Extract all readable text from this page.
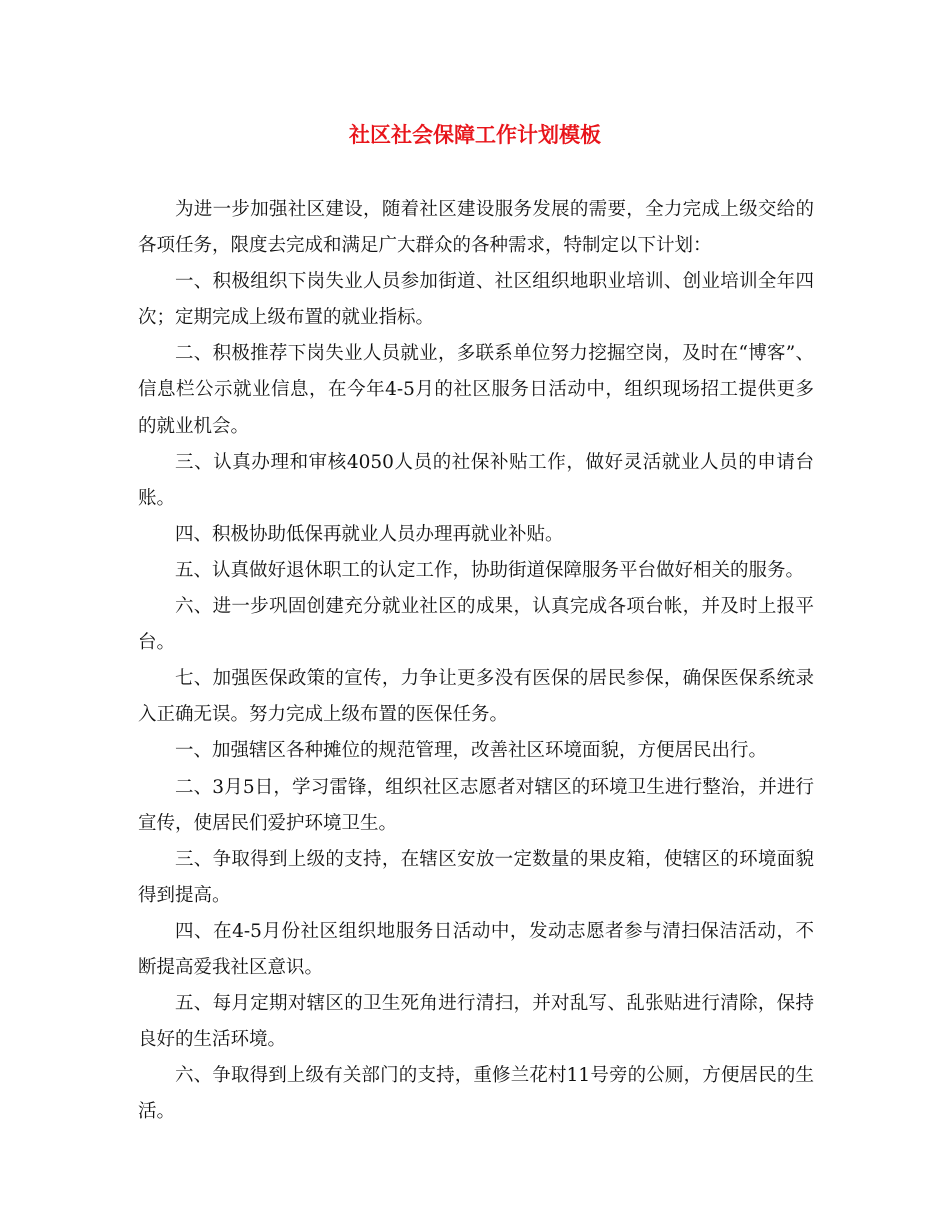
社区社会保障工作计划模板

为进一步加强社区建设，随着社区建设服务发展的需要，全力完成上级交给的各项任务，限度去完成和满足广大群众的各种需求，特制定以下计划：

一、积极组织下岗失业人员参加街道、社区组织地职业培训、创业培训全年四次；定期完成上级布置的就业指标。

二、积极推荐下岗失业人员就业，多联系单位努力挖掘空岗，及时在“博客”、信息栏公示就业信息，在今年4-5月的社区服务日活动中，组织现场招工提供更多的就业机会。

三、认真办理和审核4050人员的社保补贴工作，做好灵活就业人员的申请台账。

四、积极协助低保再就业人员办理再就业补贴。

五、认真做好退休职工的认定工作，协助街道保障服务平台做好相关的服务。

六、进一步巩固创建充分就业社区的成果，认真完成各项台帐，并及时上报平台。

七、加强医保政策的宣传，力争让更多没有医保的居民参保，确保医保系统录入正确无误。努力完成上级布置的医保任务。

一、加强辖区各种摊位的规范管理，改善社区环境面貌，方便居民出行。

二、3月5日，学习雷锋，组织社区志愿者对辖区的环境卫生进行整治，并进行宣传，使居民们爱护环境卫生。

三、争取得到上级的支持，在辖区安放一定数量的果皮箱，使辖区的环境面貌得到提高。

四、在4-5月份社区组织地服务日活动中，发动志愿者参与清扫保洁活动，不断提高爱我社区意识。

五、每月定期对辖区的卫生死角进行清扫，并对乱写、乱张贴进行清除，保持良好的生活环境。

六、争取得到上级有关部门的支持，重修兰花村11号旁的公厕，方便居民的生活。
